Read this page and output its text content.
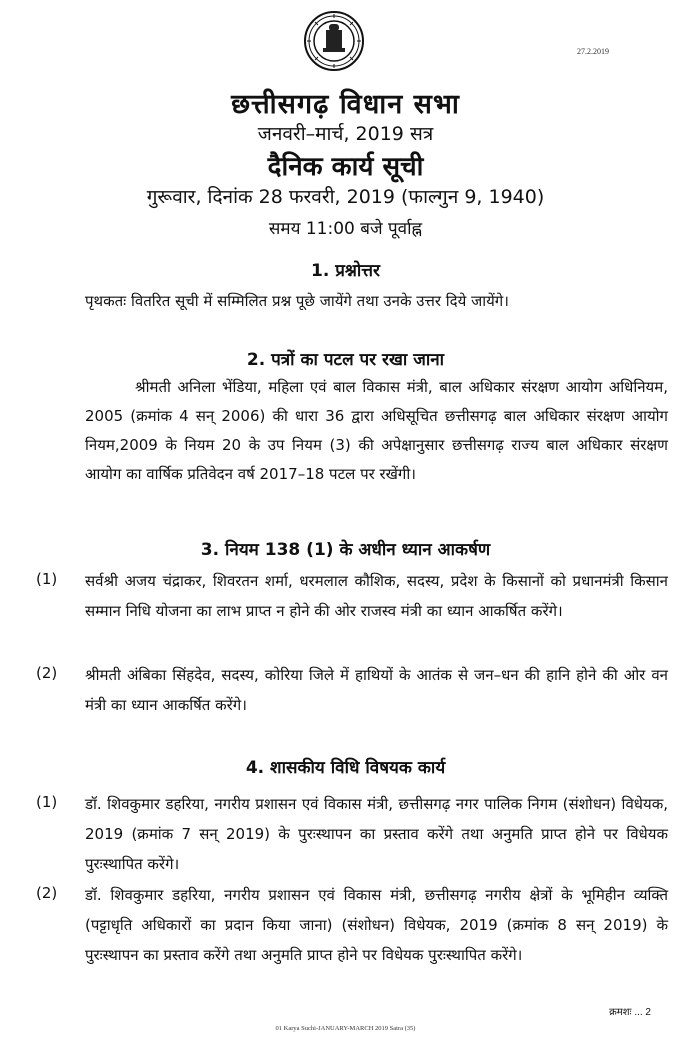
27.2.2019
छत्तीसगढ़ विधान सभा
जनवरी–मार्च, 2019 सत्र
दैनिक कार्य सूची
गुरूवार, दिनांक 28 फरवरी, 2019 (फाल्गुन 9, 1940)
समय 11:00 बजे पूर्वाह्न
1. प्रश्नोत्तर
पृथकतः वितरित सूची में सम्मिलित प्रश्न पूछे जायेंगे तथा उनके उत्तर दिये जायेंगे।
2. पत्रों का पटल पर रखा जाना
श्रीमती अनिला भेंडिया, महिला एवं बाल विकास मंत्री, बाल अधिकार संरक्षण आयोग अधिनियम, 2005 (क्रमांक 4 सन् 2006) की धारा 36 द्वारा अधिसूचित छत्तीसगढ़ बाल अधिकार संरक्षण आयोग नियम,2009 के नियम 20 के उप नियम (3) की अपेक्षानुसार छत्तीसगढ़ राज्य बाल अधिकार संरक्षण आयोग का वार्षिक प्रतिवेदन वर्ष 2017–18 पटल पर रखेंगी।
3. नियम 138 (1) के अधीन ध्यान आकर्षण
(1) सर्वश्री अजय चंद्राकर, शिवरतन शर्मा, धरमलाल कौशिक, सदस्य, प्रदेश के किसानों को प्रधानमंत्री किसान सम्मान निधि योजना का लाभ प्राप्त न होने की ओर राजस्व मंत्री का ध्यान आकर्षित करेंगे।
(2) श्रीमती अंबिका सिंहदेव, सदस्य, कोरिया जिले में हाथियों के आतंक से जन–धन की हानि होने की ओर वन मंत्री का ध्यान आकर्षित करेंगे।
4. शासकीय विधि विषयक कार्य
(1) डॉ. शिवकुमार डहरिया, नगरीय प्रशासन एवं विकास मंत्री, छत्तीसगढ़ नगर पालिक निगम (संशोधन) विधेयक, 2019 (क्रमांक 7 सन् 2019) के पुरःस्थापन का प्रस्ताव करेंगे तथा अनुमति प्राप्त होने पर विधेयक पुरःस्थापित करेंगे।
(2) डॉ. शिवकुमार डहरिया, नगरीय प्रशासन एवं विकास मंत्री, छत्तीसगढ़ नगरीय क्षेत्रों के भूमिहीन व्यक्ति (पट्टाधृति अधिकारों का प्रदान किया जाना) (संशोधन) विधेयक, 2019 (क्रमांक 8 सन् 2019) के पुरःस्थापन का प्रस्ताव करेंगे तथा अनुमति प्राप्त होने पर विधेयक पुरःस्थापित करेंगे।
क्रमशः ... 2
01 Karya Suchi-JANUARY-MARCH 2019 Satra (35)
